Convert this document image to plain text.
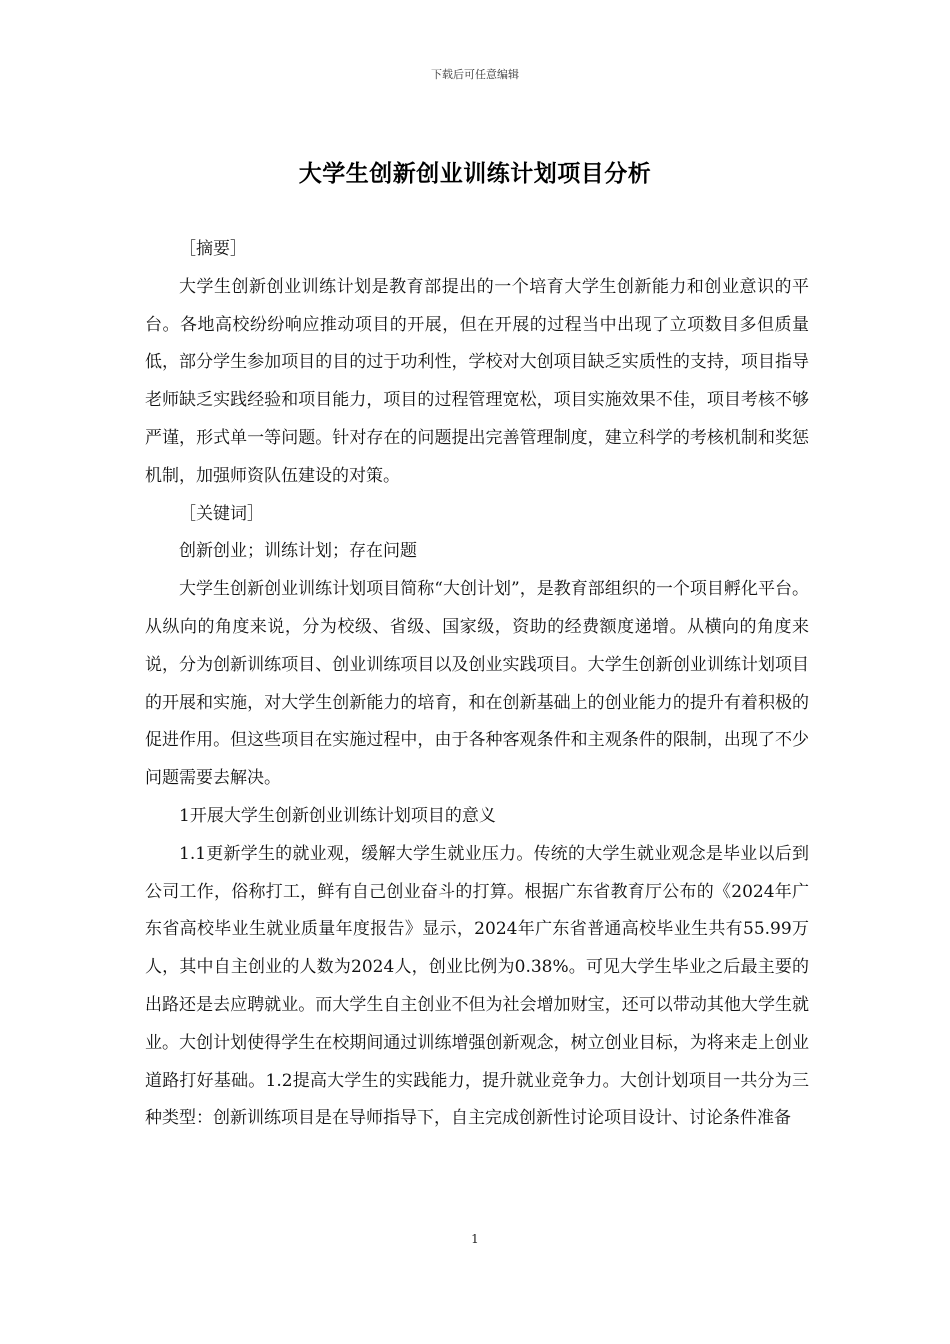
下载后可任意编辑
大学生创新创业训练计划项目分析

［摘要］

大学生创新创业训练计划是教育部提出的一个培育大学生创新能力和创业意识的平台。各地高校纷纷响应推动项目的开展，但在开展的过程当中出现了立项数目多但质量低，部分学生参加项目的目的过于功利性，学校对大创项目缺乏实质性的支持，项目指导老师缺乏实践经验和项目能力，项目的过程管理宽松，项目实施效果不佳，项目考核不够严谨，形式单一等问题。针对存在的问题提出完善管理制度，建立科学的考核机制和奖惩机制，加强师资队伍建设的对策。

［关键词］

创新创业；训练计划；存在问题

大学生创新创业训练计划项目简称“大创计划”，是教育部组织的一个项目孵化平台。从纵向的角度来说，分为校级、省级、国家级，资助的经费额度递增。从横向的角度来说，分为创新训练项目、创业训练项目以及创业实践项目。大学生创新创业训练计划项目的开展和实施，对大学生创新能力的培育，和在创新基础上的创业能力的提升有着积极的促进作用。但这些项目在实施过程中，由于各种客观条件和主观条件的限制，出现了不少问题需要去解决。

1开展大学生创新创业训练计划项目的意义

1.1更新学生的就业观，缓解大学生就业压力。传统的大学生就业观念是毕业以后到公司工作，俗称打工，鲜有自己创业奋斗的打算。根据广东省教育厅公布的《2024年广东省高校毕业生就业质量年度报告》显示，2024年广东省普通高校毕业生共有55.99万人，其中自主创业的人数为2024人，创业比例为0.38%。可见大学生毕业之后最主要的出路还是去应聘就业。而大学生自主创业不但为社会增加财宝，还可以带动其他大学生就业。大创计划使得学生在校期间通过训练增强创新观念，树立创业目标，为将来走上创业道路打好基础。1.2提高大学生的实践能力，提升就业竞争力。大创计划项目一共分为三种类型：创新训练项目是在导师指导下，自主完成创新性讨论项目设计、讨论条件准备

1
